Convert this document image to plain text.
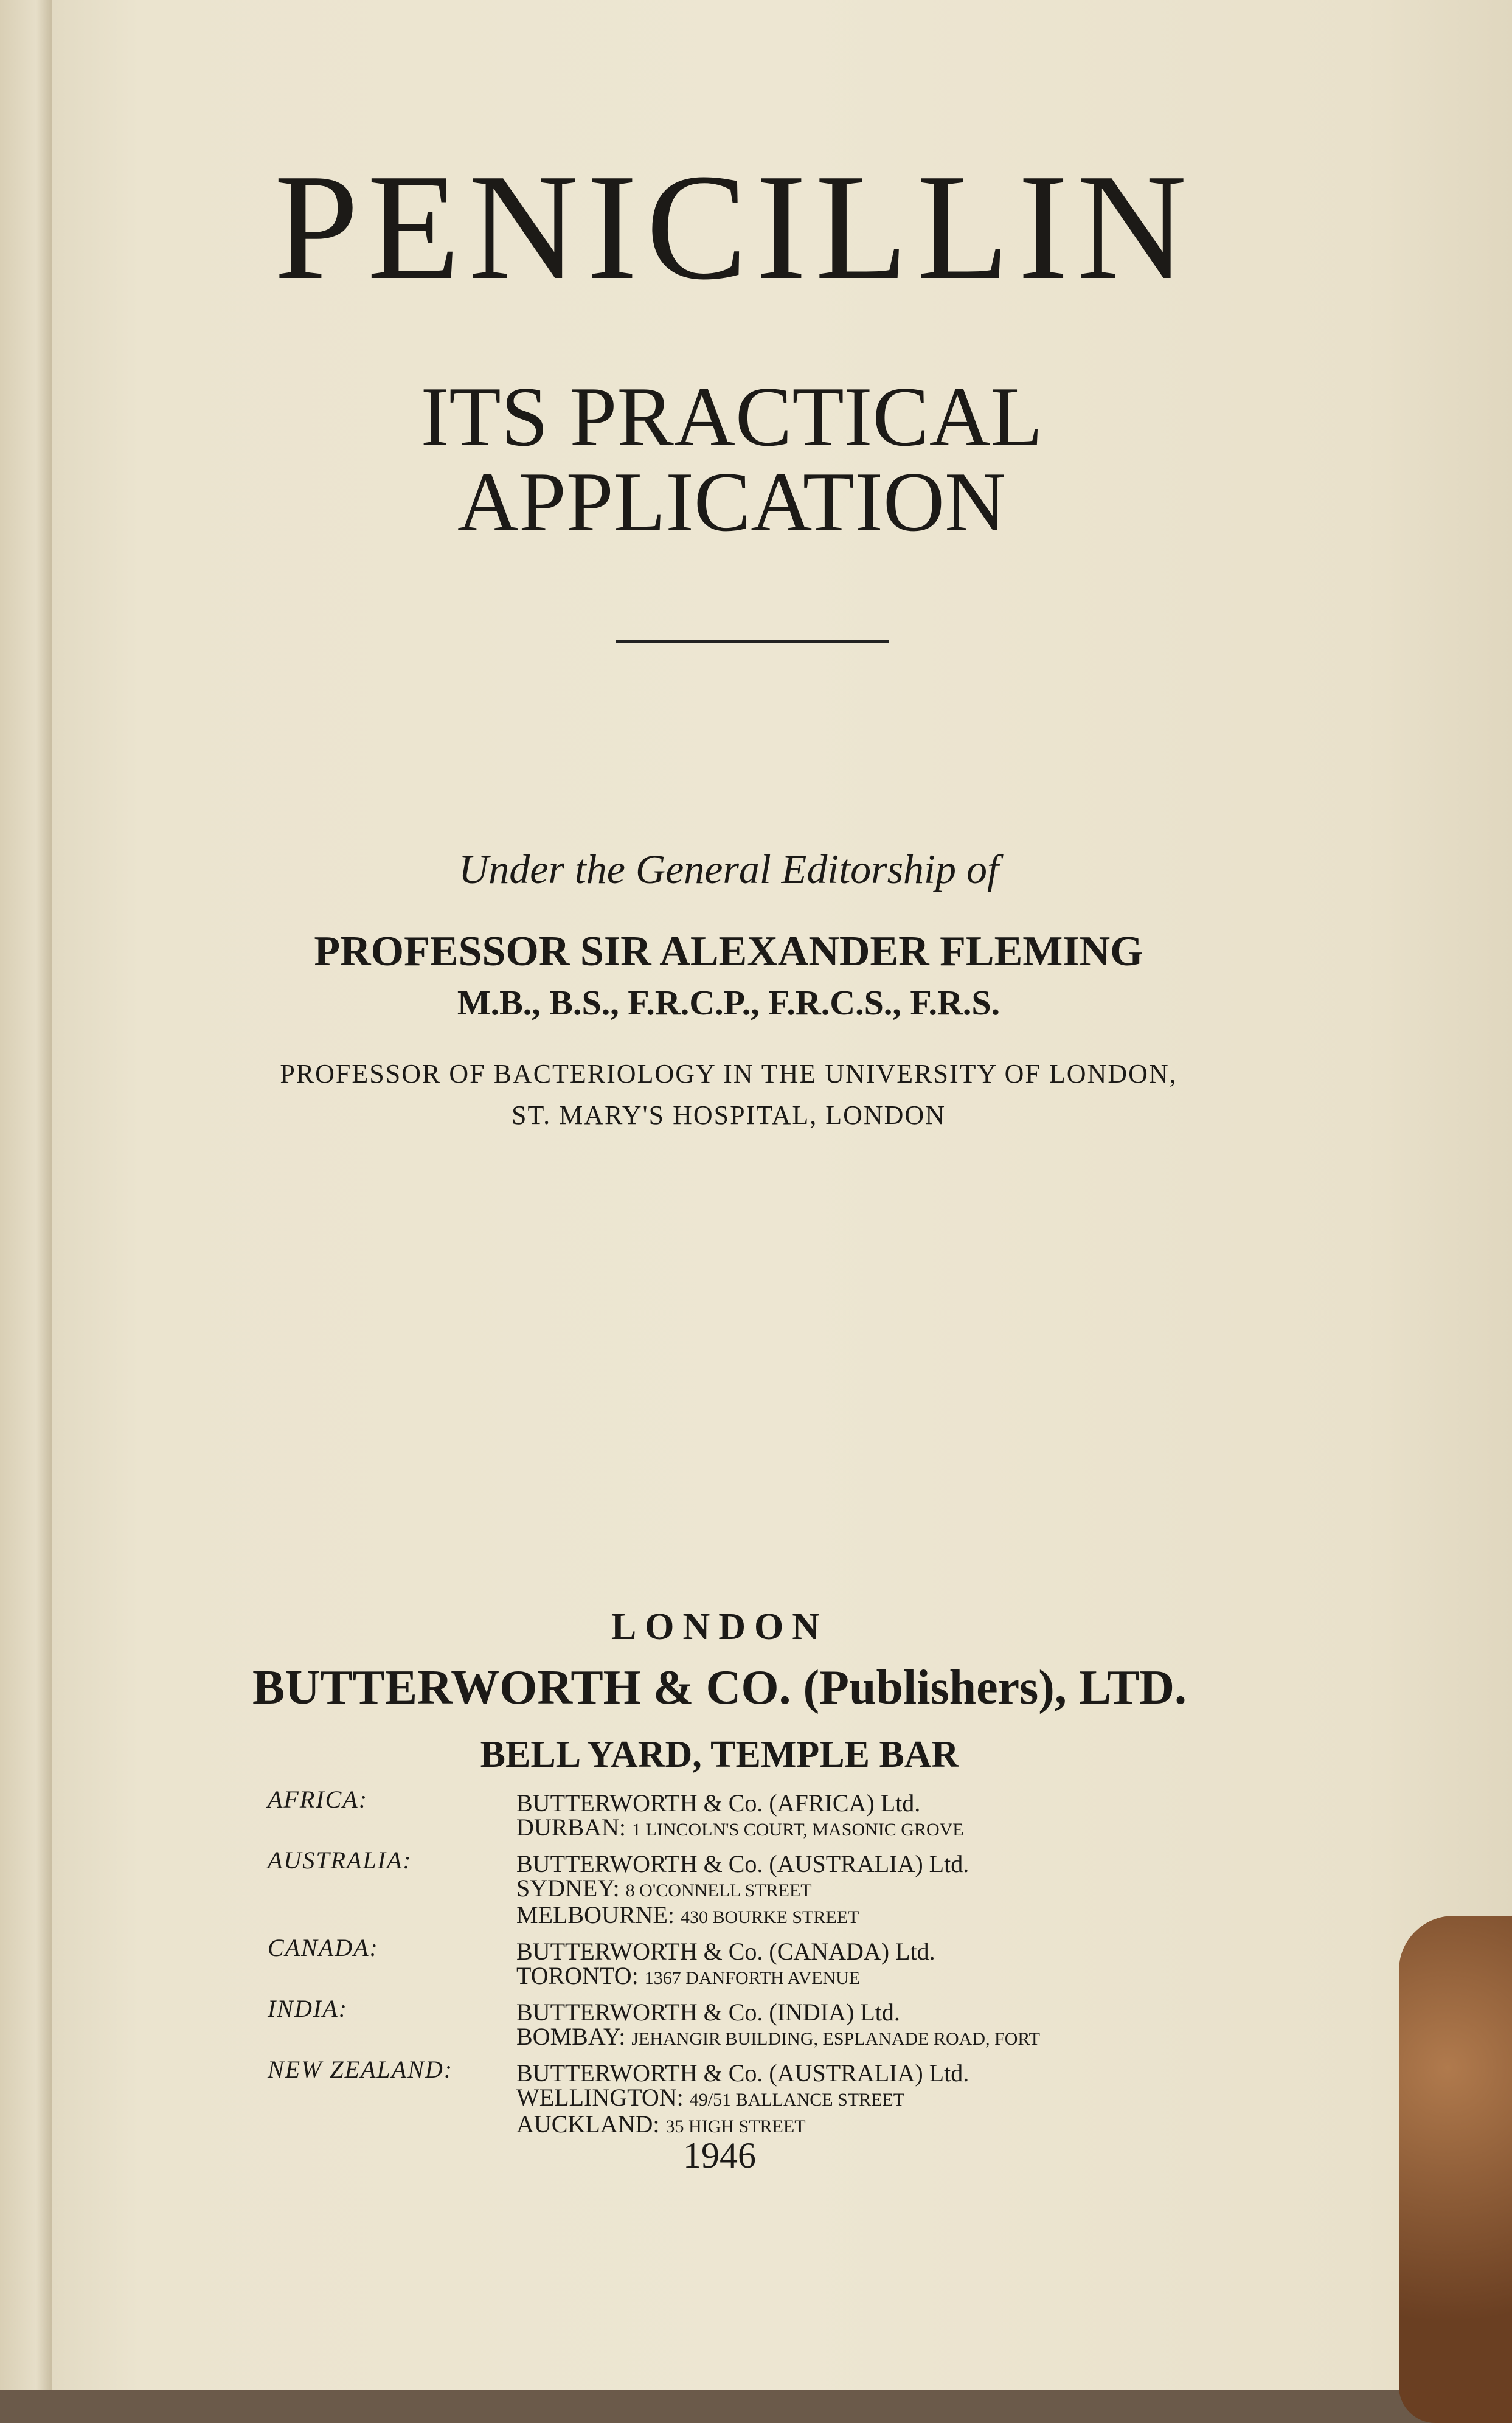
PENICILLIN
ITS PRACTICAL
APPLICATION
Under the General Editorship of
PROFESSOR SIR ALEXANDER FLEMING
M.B., B.S., F.R.C.P., F.R.C.S., F.R.S.
PROFESSOR OF BACTERIOLOGY IN THE UNIVERSITY OF LONDON,
ST. MARY'S HOSPITAL, LONDON
LONDON
BUTTERWORTH & CO. (Publishers), LTD.
BELL YARD, TEMPLE BAR
AFRICA:	BUTTERWORTH & Co. (AFRICA) Ltd.
DURBAN: 1 LINCOLN'S COURT, MASONIC GROVE
AUSTRALIA:	BUTTERWORTH & Co. (AUSTRALIA) Ltd.
SYDNEY: 8 O'CONNELL STREET
MELBOURNE: 430 BOURKE STREET
CANADA:	BUTTERWORTH & Co. (CANADA) Ltd.
TORONTO: 1367 DANFORTH AVENUE
INDIA:	BUTTERWORTH & Co. (INDIA) Ltd.
BOMBAY: JEHANGIR BUILDING, ESPLANADE ROAD, FORT
NEW ZEALAND:	BUTTERWORTH & Co. (AUSTRALIA) Ltd.
WELLINGTON: 49/51 BALLANCE STREET
AUCKLAND: 35 HIGH STREET
1946
